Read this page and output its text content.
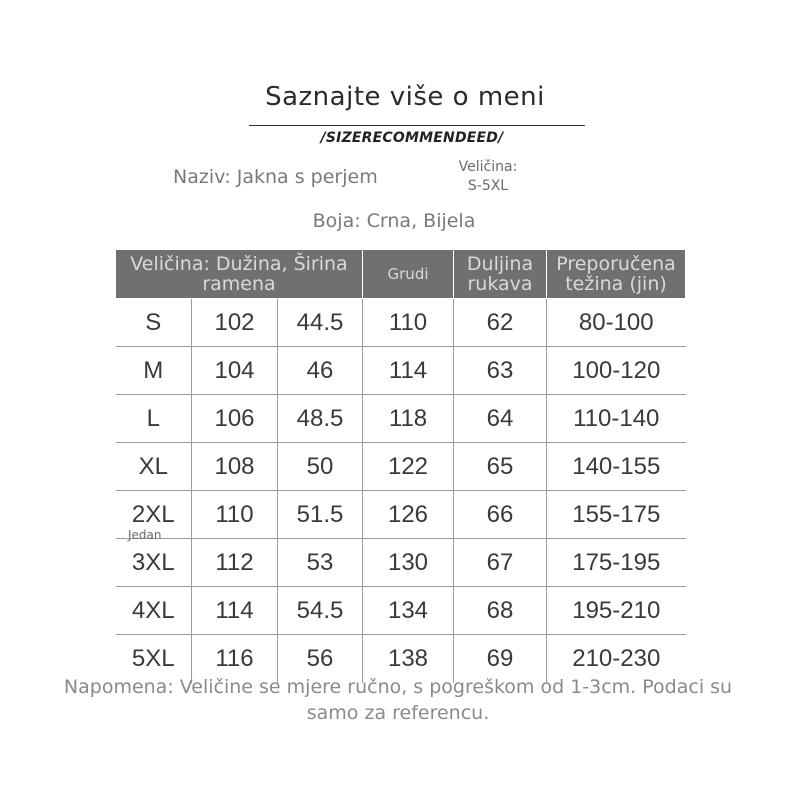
Saznajte više o meni
/SIZERECOMMENDEED/
Naziv: Jakna s perjem	Veličina:
S-5XL
Boja: Crna, Bijela
Veličina: Dužina, Širina ramena			Grudi	Duljina rukava	Preporučena težina (jin)
S	102	44.5	110	62	80-100
M	104	46	114	63	100-120
L	106	48.5	118	64	110-140
XL	108	50	122	65	140-155
2XL	110	51.5	126	66	155-175
3XL	112	53	130	67	175-195
4XL	114	54.5	134	68	195-210
5XL	116	56	138	69	210-230
Jedan
Napomena: Veličine se mjere ručno, s pogreškom od 1-3cm. Podaci su
samo za referencu.
